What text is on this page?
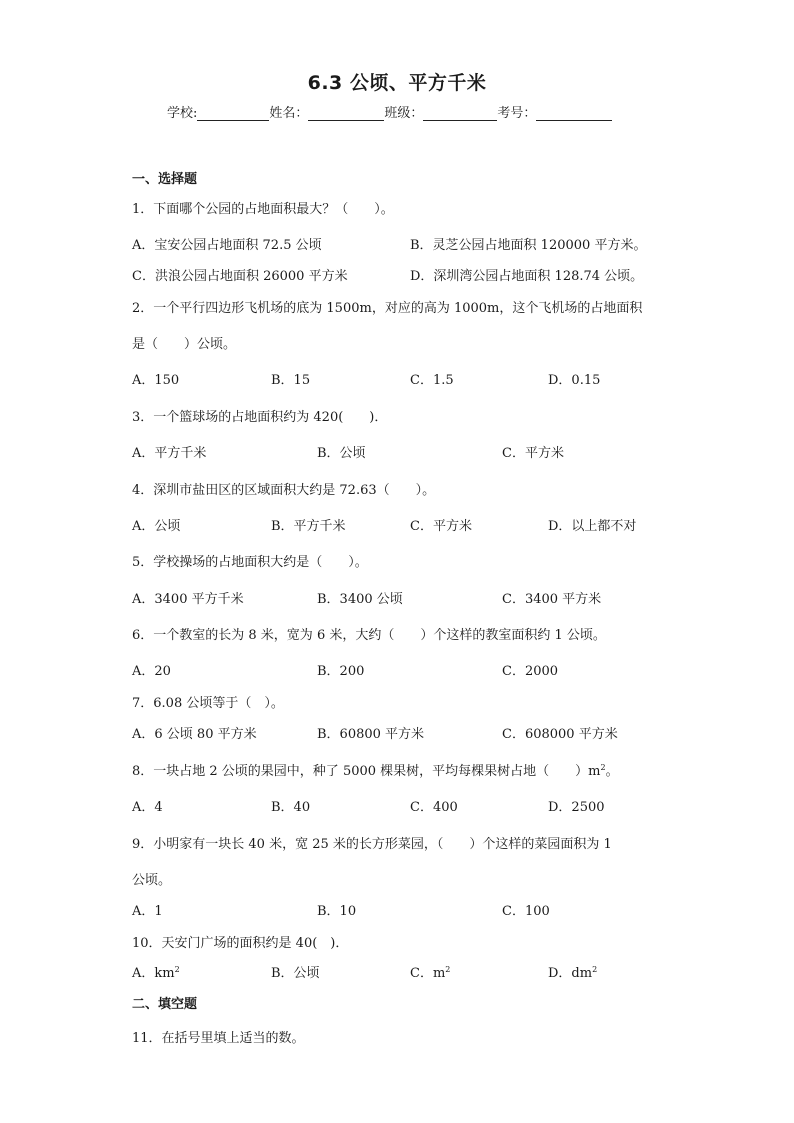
6.3 公顷、平方千米
学校:	姓名：	班级：	考号：
一、选择题
1．下面哪个公园的占地面积最大？（　　）。
A．宝安公园占地面积 72.5 公顷	B．灵芝公园占地面积 120000 平方米。
C．洪浪公园占地面积 26000 平方米	D．深圳湾公园占地面积 128.74 公顷。
2．一个平行四边形飞机场的底为 1500m，对应的高为 1000m，这个飞机场的占地面积
是（　　）公顷。
A．150	B．15	C．1.5	D．0.15
3．一个篮球场的占地面积约为 420(　　)．
A．平方千米	B．公顷	C．平方米
4．深圳市盐田区的区域面积大约是 72.63（　　）。
A．公顷	B．平方千米	C．平方米	D．以上都不对
5．学校操场的占地面积大约是（　　）。
A．3400 平方千米	B．3400 公顷	C．3400 平方米
6．一个教室的长为 8 米，宽为 6 米，大约（　　）个这样的教室面积约 1 公顷。
A．20	B．200	C．2000
7．6.08 公顷等于（　）。
A．6 公顷 80 平方米	B．60800 平方米	C．608000 平方米
8．一块占地 2 公顷的果园中，种了 5000 棵果树，平均每棵果树占地（　　）$m^2$。
A．4	B．40	C．400	D．2500
9．小明家有一块长 40 米，宽 25 米的长方形菜园，（　　）个这样的菜园面积为 1
公顷。
A．1	B．10	C．100
10．天安门广场的面积约是 40(　)．
A．$km^2$	B．公顷	C．$m^2$	D．$dm^2$
二、填空题
11．在括号里填上适当的数。
